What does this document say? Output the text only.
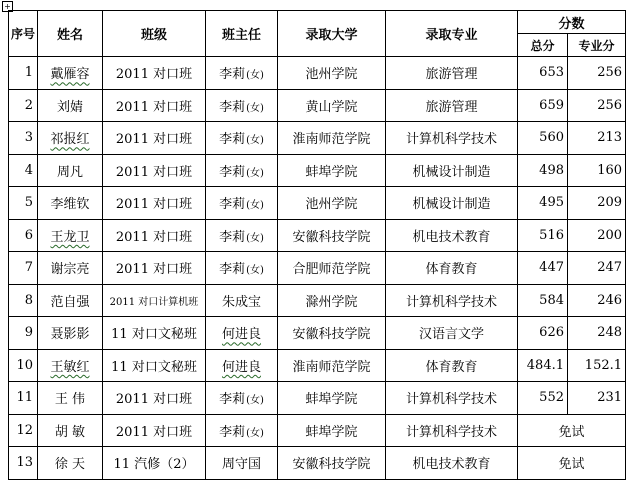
+
序号	姓名	班级	班主任	录取大学	录取专业	分数	
						总分	专业分
1	戴雁容	2011 对口班	李莉(女)	池州学院	旅游管理	653	256
2	刘婧	2011 对口班	李莉(女)	黄山学院	旅游管理	659	256
3	祁报红	2011 对口班	李莉(女)	淮南师范学院	计算机科学技术	560	213
4	周凡	2011 对口班	李莉(女)	蚌埠学院	机械设计制造	498	160
5	李维钦	2011 对口班	李莉(女)	池州学院	机械设计制造	495	209
6	王龙卫	2011 对口班	李莉(女)	安徽科技学院	机电技术教育	516	200
7	谢宗亮	2011 对口班	李莉(女)	合肥师范学院	体育教育	447	247
8	范自强	2011 对口计算机班	朱成宝	滁州学院	计算机科学技术	584	246
9	聂影影	11 对口文秘班	何进良	安徽科技学院	汉语言文学	626	248
10	王敏红	11 对口文秘班	何进良	淮南师范学院	体育教育	484.1	152.1
11	王 伟	2011 对口班	李莉(女)	蚌埠学院	计算机科学技术	552	231
12	胡 敏	2011 对口班	李莉(女)	蚌埠学院	计算机科学技术	免试	
13	徐 天	11 汽修（2）	周守国	安徽科技学院	机电技术教育	免试	
